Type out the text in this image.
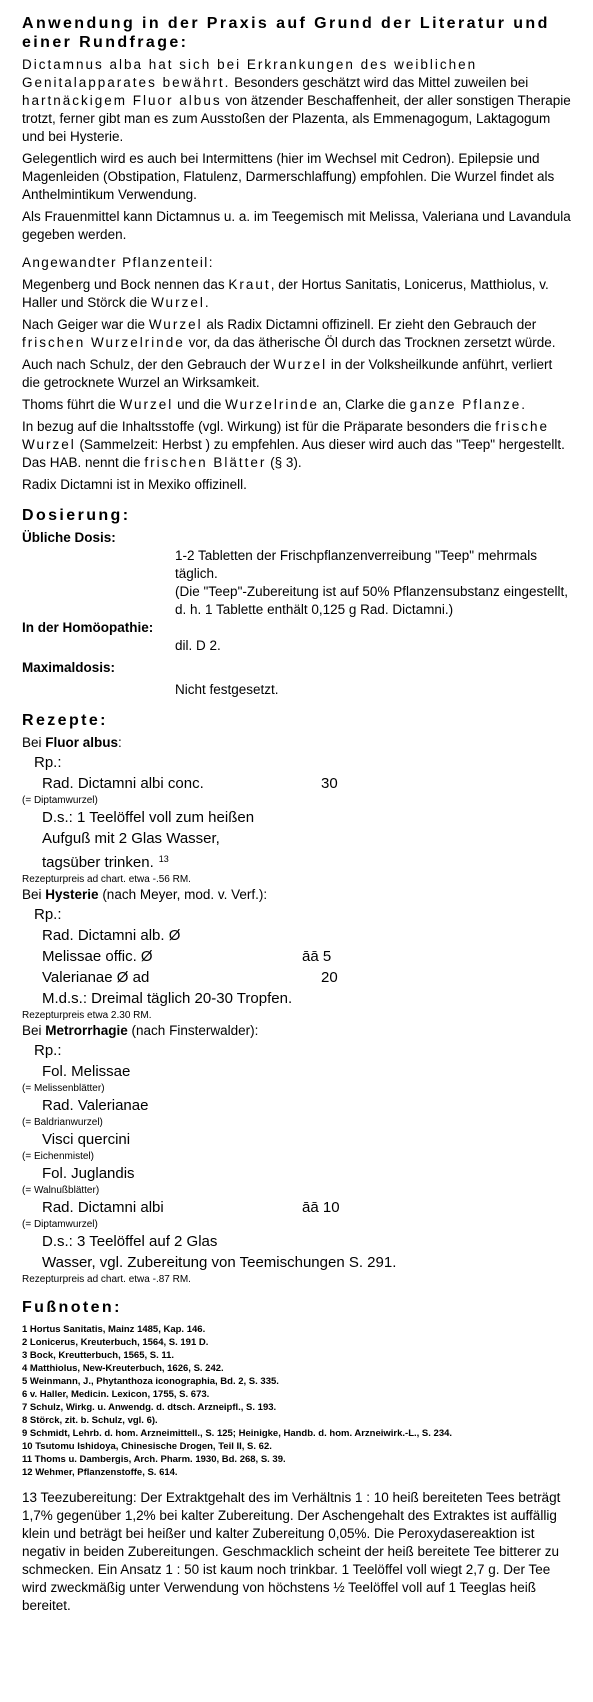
Anwendung in der Praxis auf Grund der Literatur und einer Rundfrage:

Dictamnus alba hat sich bei Erkrankungen des weiblichen Genitalapparates bewährt. Besonders geschätzt wird das Mittel zuweilen bei hartnäckigem Fluor albus von ätzender Beschaffenheit, der aller sonstigen Therapie trotzt, ferner gibt man es zum Ausstoßen der Plazenta, als Emmenagogum, Laktagogum und bei Hysterie.

Gelegentlich wird es auch bei Intermittens (hier im Wechsel mit Cedron). Epilepsie und Magenleiden (Obstipation, Flatulenz, Darmerschlaffung) empfohlen. Die Wurzel findet als Anthelmintikum Verwendung.

Als Frauenmittel kann Dictamnus u. a. im Teegemisch mit Melissa, Valeriana und Lavandula gegeben werden.

Angewandter Pflanzenteil:

Megenberg und Bock nennen das Kraut, der Hortus Sanitatis, Lonicerus, Matthiolus, v. Haller und Störck die Wurzel.

Nach Geiger war die Wurzel als Radix Dictamni offizinell. Er zieht den Gebrauch der frischen Wurzelrinde vor, da das ätherische Öl durch das Trocknen zersetzt würde.

Auch nach Schulz, der den Gebrauch der Wurzel in der Volksheilkunde anführt, verliert die getrocknete Wurzel an Wirksamkeit.

Thoms führt die Wurzel und die Wurzelrinde an, Clarke die ganze Pflanze.

In bezug auf die Inhaltsstoffe (vgl. Wirkung) ist für die Präparate besonders die frische Wurzel (Sammelzeit: Herbst ) zu empfehlen. Aus dieser wird auch das "Teep" hergestellt. Das HAB. nennt die frischen Blätter (§ 3).

Radix Dictamni ist in Mexiko offizinell.

Dosierung:

Übliche Dosis:

1-2 Tabletten der Frischpflanzenverreibung "Teep" mehrmals täglich.

(Die "Teep"-Zubereitung ist auf 50% Pflanzensubstanz eingestellt,

d. h. 1 Tablette enthält 0,125 g Rad. Dictamni.)

In der Homöopathie:

dil. D 2.

Maximaldosis:

Nicht festgesetzt.

Rezepte:

Bei Fluor albus:

Rp.:
Rad. Dictamni albi conc.	30

(= Diptamwurzel)

D.s.: 1 Teelöffel voll zum heißen
Aufguß mit 2 Glas Wasser,
tagsüber trinken. $^{13}$

Rezepturpreis ad chart. etwa -.56 RM.

Bei Hysterie (nach Meyer, mod. v. Verf.):

Rp.:
Rad. Dictamni alb. Ø
Melissae offic. Ø	āā 5
Valerianae Ø ad	20
M.d.s.: Dreimal täglich 20-30 Tropfen.

Rezepturpreis etwa 2.30 RM.

Bei Metrorrhagie (nach Finsterwalder):

Rp.:
Fol. Melissae

(= Melissenblätter)

Rad. Valerianae

(= Baldrianwurzel)

Visci quercini

(= Eichenmistel)

Fol. Juglandis

(= Walnußblätter)

Rad. Dictamni albi	āā 10

(= Diptamwurzel)

D.s.: 3 Teelöffel auf 2 Glas
Wasser, vgl. Zubereitung von Teemischungen S. 291.

Rezepturpreis ad chart. etwa -.87 RM.

Fußnoten:

1 Hortus Sanitatis, Mainz 1485, Kap. 146.

2 Lonicerus, Kreuterbuch, 1564, S. 191 D.

3 Bock, Kreutterbuch, 1565, S. 11.

4 Matthiolus, New-Kreuterbuch, 1626, S. 242.

5 Weinmann, J., Phytanthoza iconographia, Bd. 2, S. 335.

6 v. Haller, Medicin. Lexicon, 1755, S. 673.

7 Schulz, Wirkg. u. Anwendg. d. dtsch. Arzneipfl., S. 193.

8 Störck, zit. b. Schulz, vgl. 6).

9 Schmidt, Lehrb. d. hom. Arzneimittell., S. 125; Heinigke, Handb. d. hom. Arzneiwirk.-L., S. 234.

10 Tsutomu Ishidoya, Chinesische Drogen, Teil II, S. 62.

11 Thoms u. Dambergis, Arch. Pharm. 1930, Bd. 268, S. 39.

12 Wehmer, Pflanzenstoffe, S. 614.

13 Teezubereitung: Der Extraktgehalt des im Verhältnis 1 : 10 heiß bereiteten Tees beträgt 1,7% gegenüber 1,2% bei kalter Zubereitung. Der Aschengehalt des Extraktes ist auffällig klein und beträgt bei heißer und kalter Zubereitung 0,05%. Die Peroxydasereaktion ist negativ in beiden Zubereitungen. Geschmacklich scheint der heiß bereitete Tee bitterer zu schmecken. Ein Ansatz 1 : 50 ist kaum noch trinkbar. 1 Teelöffel voll wiegt 2,7 g. Der Tee wird zweckmäßig unter Verwendung von höchstens ½ Teelöffel voll auf 1 Teeglas heiß bereitet.
